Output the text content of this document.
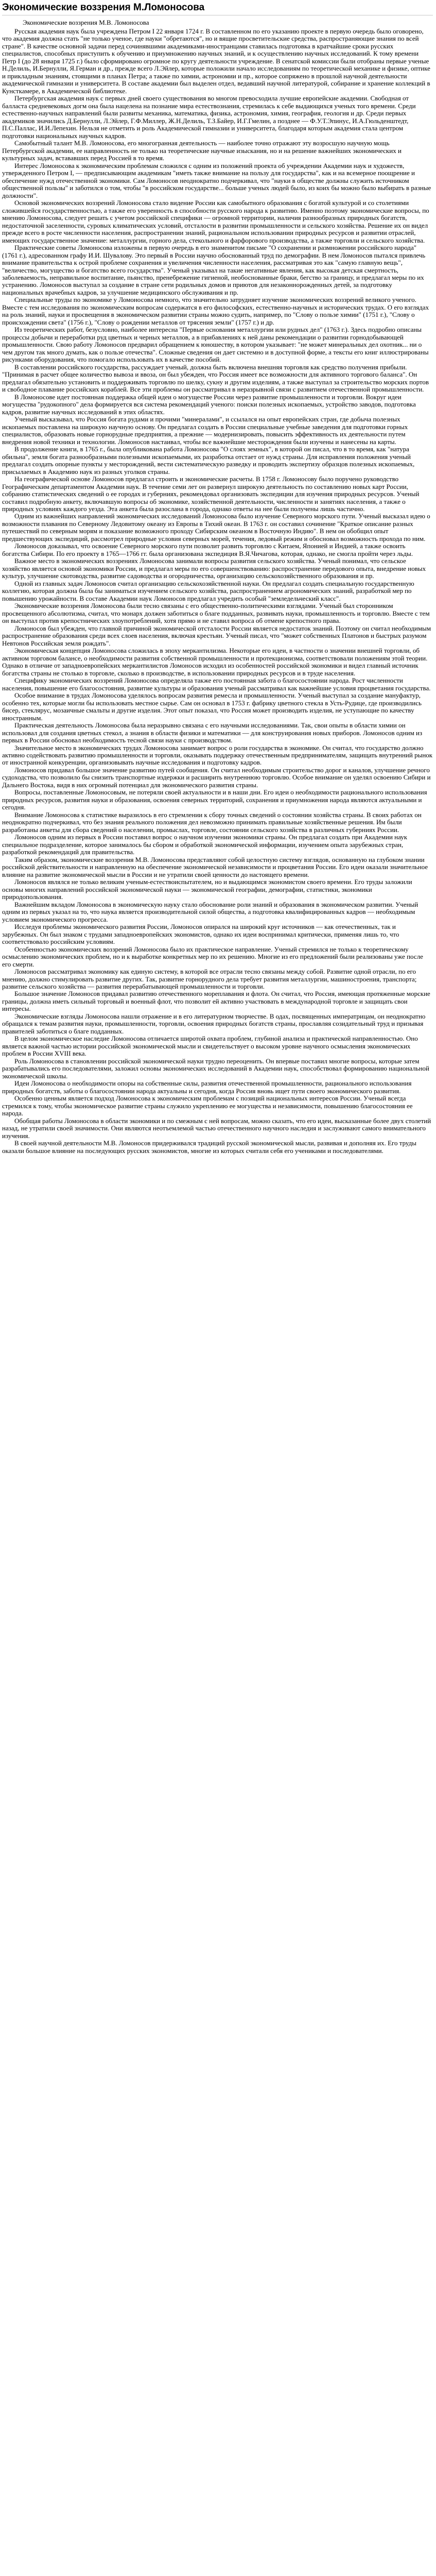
Экономические воззрения М.Ломоносова
Экономические воззрения М.В. Ломоносова

Русская академия наук была учреждена Петром I 22 января 1724 г. В составленном по его указанию проекте в первую очередь было оговорено, что академия должна стать "не только ученое, где науки "обретаются", но и вящие просветительские средства, распространяющие знания по всей стране". В качестве основной задачи перед сочинявшими академиками-иностранцами ставилась подготовка в кратчайшие сроки русских специалистов, способных приступить к обучению и приумножению научных знаний, и к осуществлению научных исследований. К тому времени Петр I (до 28 января 1725 г.) было сформировано огромное по кругу деятельности учреждение. В сенатской комиссии были отобраны первые ученые Н.Делиль, И.Бернулли, Я.Герман и др., прежде всего Л.Эйлер, которые положили начало исследованиям по теоретической механике и физике, оптике и прикладным знаниям, стоящими в планах Петра; а также по химии, астрономии и пр., которое сопряжено в прошлой научной деятельности академической гимназии и университета. В составе академии был выделен отдел, ведавший научной литературой, собирание и хранение коллекций в Кунсткамере, в Академической библиотеке.

Петербургская академия наук с первых дней своего существования во многом превосходила лучшие европейские академии. Свободная от балласта средневековых догм она была нацелена на познание мира естествознания, стремилась к себе выдающихся ученых того времени. Среди естественно-научных направлений были развиты механика, математика, физика, астрономия, химия, география, геология и др. Среди первых академиков значились Д.Бернулли, Л.Эйлер, Г.Ф.Миллер, Ж.Н.Делиль, Т.З.Байер, И.Г.Гмелин, а позднее — Ф.У.Т.Эпинус, И.А.Гюльденштедт, П.С.Паллас, И.И.Лепехин. Нельзя не отметить и роль Академической гимназии и университета, благодаря которым академия стала центром подготовки национальных научных кадров.

Самобытный талант М.В. Ломоносова, его многогранная деятельность — наиболее точно отражают эту возросшую научную мощь Петербургской академии, ее направленность не только на теоретические научные изыскания, но и на решение важнейших экономических и культурных задач, встававших перед Россией в то время.

Интерес Ломоносова к экономическим проблемам сложился с одним из положений проекта об учреждении Академии наук и художеств, утвержденного Петром I, — предписывающим академикам "иметь также внимание на пользу для государства", как и на всемерное поощрение и обеспечение нужд отечественной экономики. Сам Ломоносов неоднократно подчеркивал, что "науки в обществе должны служить источником общественной пользы" и заботился о том, чтобы "в российском государстве... больше ученых людей было, из коих бы можно было выбирать в разные должности".

Основой экономических воззрений Ломоносова стало видение России как самобытного образования с богатой культурой и со столетиями сложившейся государственностью, а также его уверенность в способности русского народа к развитию. Именно поэтому экономические вопросы, по мнению Ломоносова, следует решать с учетом российской специфики — огромной территории, наличия разнообразных природных богатств, недостаточной заселенности, суровых климатических условий, отсталости в развитии промышленности и сельского хозяйства. Решение их он видел прежде всего в росте численности населения, распространении знаний, рациональном использовании природных ресурсов и развитии отраслей, имеющих государственное значение: металлургии, горного дела, стекольного и фарфорового производства, а также торговли и сельского хозяйства.

Практические советы Ломоносова изложены в первую очередь в его знаменитом письме "О сохранении и размножении российского народа" (1761 г.), адресованном графу И.И. Шувалову. Это первый в России научно обоснованный труд по демографии. В нем Ломоносов пытался привлечь внимание правительства к острой проблеме сохранения и увеличения численности населения, рассматривая это как "самую главную вещь", "величество, могущество и богатство всего государства". Ученый указывал на такие негативные явления, как высокая детская смертность, заболеваемость, неправильное воспитание, пьянство, пренебрежение гигиеной, необоснованные браки, бегство за границу, и предлагал меры по их устранению. Ломоносов выступал за создание в стране сети родильных домов и приютов для незаконнорожденных детей, за подготовку национальных врачебных кадров, за улучшение медицинского обслуживания и пр.

Специальные труды по экономике у Ломоносова немного, что значительно затрудняет изучение экономических воззрений великого ученого. Вместе с тем исследования по экономическим вопросам содержатся в его философских, естественно-научных и исторических трудах. О его взглядах на роль знаний, науки и просвещения в экономическом развитии страны можно судить, например, по "Слову о пользе химии" (1751 г.), "Слову о происхождении света" (1756 г.), "Слову о рождении металлов от трясения земли" (1757 г.) и др.

Из теоретических работ, безусловно, наиболее интересна "Первые основания металлургии или рудных дел" (1763 г.). Здесь подробно описаны процессы добычи и переработки руд цветных и черных металлов, а в прибавлениях к ней даны рекомендации о развитии горнодобывающей промышленности. Свою работу Ломоносов предварил обращением к юношеству, в котором указывает: "не может минеральных дел охотник... ни о чем другом так много думать, как о пользе отечества". Сложные сведения он дает системно и в доступной форме, а тексты его книг иллюстрированы рисунками оборудования, что помогало использовать их в качестве пособий.

В составлении российского государства, рассуждает ученый, должна быть включена внешняя торговля как средство получения прибыли. "Принимая в расчет общее количество вывоза и ввоза, он был убежден, что Россия имеет все возможности для активного торгового баланса". Он предлагал обязательно установить и поддерживать торговлю по шелку, сукну и другим изделиям, а также выступал за строительство морских портов и свободное плавание российских кораблей. Все эти проблемы он рассматривал в неразрывной связи с развитием отечественной промышленности.

В Ломоносове идет постоянная поддержка общей идеи о могуществе России через развитие промышленности и торговли. Вокруг идеи могущества "рудокопного" дела формируется вся система рекомендаций ученого: поиски полезных ископаемых, устройство заводов, подготовка кадров, развитие научных исследований в этих областях.

Ученый высказывал, что Россия богата рудами и прочими "минералами", и ссылался на опыт европейских стран, где добыча полезных ископаемых поставлена на широкую научную основу. Он предлагал создать в России специальные учебные заведения для подготовки горных специалистов, образовать новые горнорудные предприятия, а прежние — модернизировать, повысить эффективность их деятельности путем внедрения новой техники и технологии. Ломоносов настаивал, чтобы все важнейшие месторождения были изучены и нанесены на карты.

В продолжение книги, в 1765 г., была опубликована работа Ломоносова "О слоях земных", в которой он писал, что в то время, как "натура обильна", земля богата разнообразными полезными ископаемыми, их разработка отстает от нужд страны. Для исправления положения ученый предлагал создать опорные пункты у месторождений, вести систематическую разведку и проводить экспертизу образцов полезных ископаемых, присылаемых в Академию наук из разных уголков страны.

На географической основе Ломоносов предлагал строить и экономические расчеты. В 1758 г. Ломоносову было поручено руководство Географическим департаментом Академии наук. В течение семи лет он развернул широкую деятельность по составлению новых карт России, собранию статистических сведений о ее городах и губерниях, рекомендовал организовать экспедиции для изучения природных ресурсов. Ученый составил подробную анкету, включавшую вопросы об экономике, хозяйственной деятельности, численности и занятиях населения, а также о природных условиях каждого уезда. Эта анкета была разослана в города, однако ответы на нее были получены лишь частично.

Одним из важнейших направлений экономических исследований Ломоносова было изучение Северного морского пути. Ученый высказал идею о возможности плавания по Северному Ледовитому океану из Европы в Тихий океан. В 1763 г. он составил сочинение "Краткое описание разных путешествий по северным морям и показание возможного проходу Сибирским океаном в Восточную Индию". В нем он обобщил опыт предшествующих экспедиций, рассмотрел природные условия северных морей, течения, ледовый режим и обосновал возможность прохода по ним.

Ломоносов доказывал, что освоение Северного морского пути позволит развить торговлю с Китаем, Японией и Индией, а также освоить богатства Сибири. По его проекту в 1765—1766 гг. была организована экспедиция В.Я.Чичагова, которая, однако, не смогла пройти через льды.

Важное место в экономических воззрениях Ломоносова занимали вопросы развития сельского хозяйства. Ученый понимал, что сельское хозяйство является основой экономики России, и предлагал меры по его совершенствованию: распространение передового опыта, внедрение новых культур, улучшение скотоводства, развитие садоводства и огородничества, организацию сельскохозяйственного образования и пр.

Одной из главных задач Ломоносов считал организацию сельскохозяйственной науки. Он предлагал создать специальную государственную коллегию, которая должна была бы заниматься изучением сельского хозяйства, распространением агрономических знаний, разработкой мер по повышению урожайности. В составе Академии наук Ломоносов предлагал учредить особый "земледельческий класс".

Экономические воззрения Ломоносова были тесно связаны с его общественно-политическими взглядами. Ученый был сторонником просвещенного абсолютизма, считал, что монарх должен заботиться о благе подданных, развивать науки, промышленность и торговлю. Вместе с тем он выступал против крепостнических злоупотреблений, хотя прямо и не ставил вопроса об отмене крепостного права.

Ломоносов был убежден, что главной причиной экономической отсталости России является недостаток знаний. Поэтому он считал необходимым распространение образования среди всех слоев населения, включая крестьян. Ученый писал, что "может собственных Платонов и быстрых разумом Невтонов Российская земля рождать".

Экономическая концепция Ломоносова сложилась в эпоху меркантилизма. Некоторые его идеи, в частности о значении внешней торговли, об активном торговом балансе, о необходимости развития собственной промышленности и протекционизма, соответствовали положениям этой теории. Однако в отличие от западноевропейских меркантилистов Ломоносов исходил из особенностей российской экономики и видел главный источник богатства страны не столько в торговле, сколько в производстве, в использовании природных ресурсов и в труде населения.

Специфику экономических воззрений Ломоносова определяла также его постоянная забота о благосостоянии народа. Рост численности населения, повышение его благосостояния, развитие культуры и образования ученый рассматривал как важнейшие условия процветания государства.

Особое внимание в трудах Ломоносова уделялось вопросам развития ремесла и промышленности. Ученый выступал за создание мануфактур, особенно тех, которые могли бы использовать местное сырье. Сам он основал в 1753 г. фабрику цветного стекла в Усть-Рудице, где производились бисер, стеклярус, мозаичные смальты и другие изделия. Этот опыт показал, что Россия может производить изделия, не уступающие по качеству иностранным.

Практическая деятельность Ломоносова была неразрывно связана с его научными исследованиями. Так, свои опыты в области химии он использовал для создания цветных стекол, а знания в области физики и математики — для конструирования новых приборов. Ломоносов одним из первых в России обосновал необходимость тесной связи науки с производством.

Значительное место в экономических трудах Ломоносова занимает вопрос о роли государства в экономике. Он считал, что государство должно активно содействовать развитию промышленности и торговли, оказывать поддержку отечественным предпринимателям, защищать внутренний рынок от иностранной конкуренции, организовывать научные исследования и подготовку кадров.

Ломоносов придавал большое значение развитию путей сообщения. Он считал необходимым строительство дорог и каналов, улучшение речного судоходства, что позволило бы снизить транспортные издержки и расширить внутреннюю торговлю. Особое внимание он уделял освоению Сибири и Дальнего Востока, видя в них огромный потенциал для экономического развития страны.

Вопросы, поставленные Ломоносовым, не потеряли своей актуальности и в наши дни. Его идеи о необходимости рационального использования природных ресурсов, развития науки и образования, освоения северных территорий, сохранения и приумножения народа являются актуальными и сегодня.

Внимание Ломоносова к статистике выразилось в его стремлении к сбору точных сведений о состоянии хозяйства страны. В своих работах он неоднократно подчеркивал, что без знания реального положения дел невозможно принимать правильные хозяйственные решения. Им были разработаны анкеты для сбора сведений о населении, промыслах, торговле, состоянии сельского хозяйства в различных губерниях России.

Ломоносов одним из первых в России поставил вопрос о научном изучении экономики страны. Он предлагал создать при Академии наук специальное подразделение, которое занималось бы сбором и обработкой экономической информации, изучением опыта зарубежных стран, разработкой рекомендаций для правительства.

Таким образом, экономические воззрения М.В. Ломоносова представляют собой целостную систему взглядов, основанную на глубоком знании российской действительности и направленную на обеспечение экономической независимости и процветания России. Его идеи оказали значительное влияние на развитие экономической мысли в России и не утратили своей ценности до настоящего времени.

Ломоносов являлся не только великим ученым-естествоиспытателем, но и выдающимся экономистом своего времени. Его труды заложили основы многих направлений российской экономической науки — экономической географии, демографии, статистики, экономики природопользования.

Важнейшим вкладом Ломоносова в экономическую науку стало обоснование роли знаний и образования в экономическом развитии. Ученый одним из первых указал на то, что наука является производительной силой общества, а подготовка квалифицированных кадров — необходимым условием экономического прогресса.

Исследуя проблемы экономического развития России, Ломоносов опирался на широкий круг источников — как отечественных, так и зарубежных. Он был знаком с трудами западноевропейских экономистов, однако их идеи воспринимал критически, применяя лишь то, что соответствовало российским условиям.

Особенностью экономических воззрений Ломоносова было их практическое направление. Ученый стремился не только к теоретическому осмыслению экономических проблем, но и к выработке конкретных мер по их решению. Многие из его предложений были реализованы уже после его смерти.

Ломоносов рассматривал экономику как единую систему, в которой все отрасли тесно связаны между собой. Развитие одной отрасли, по его мнению, должно стимулировать развитие других. Так, развитие горнорудного дела требует развития металлургии, машиностроения, транспорта; развитие сельского хозяйства — развития перерабатывающей промышленности и торговли.

Большое значение Ломоносов придавал развитию отечественного мореплавания и флота. Он считал, что Россия, имеющая протяженные морские границы, должна иметь сильный торговый и военный флот, что позволит ей активно участвовать в международной торговле и защищать свои интересы.

Экономические взгляды Ломоносова нашли отражение и в его литературном творчестве. В одах, посвященных императрицам, он неоднократно обращался к темам развития науки, промышленности, торговли, освоения природных богатств страны, прославляя созидательный труд и призывая правителей заботиться о благе подданных.

В целом экономическое наследие Ломоносова отличается широтой охвата проблем, глубиной анализа и практической направленностью. Оно является важной частью истории российской экономической мысли и свидетельствует о высоком уровне научного осмысления экономических проблем в России XVIII века.

Роль Ломоносова в становлении российской экономической науки трудно переоценить. Он впервые поставил многие вопросы, которые затем разрабатывались его последователями, заложил основы экономических исследований в Академии наук, способствовал формированию национальной экономической школы.

Идеи Ломоносова о необходимости опоры на собственные силы, развития отечественной промышленности, рационального использования природных богатств, заботы о благосостоянии народа актуальны и сегодня, когда Россия вновь ищет пути своего экономического развития.

Особенно ценным является подход Ломоносова к экономическим проблемам с позиций национальных интересов России. Ученый всегда стремился к тому, чтобы экономическое развитие страны служило укреплению ее могущества и независимости, повышению благосостояния ее народа.

Обобщая работы Ломоносова в области экономики и по смежным с ней вопросам, можно сказать, что его идеи, высказанные более двух столетий назад, не утратили своей значимости. Они являются неотъемлемой частью отечественного научного наследия и заслуживают самого внимательного изучения.

В своей научной деятельности М.В. Ломоносов придерживался традиций русской экономической мысли, развивая и дополняя их. Его труды оказали большое влияние на последующих русских экономистов, многие из которых считали себя его учениками и последователями.
